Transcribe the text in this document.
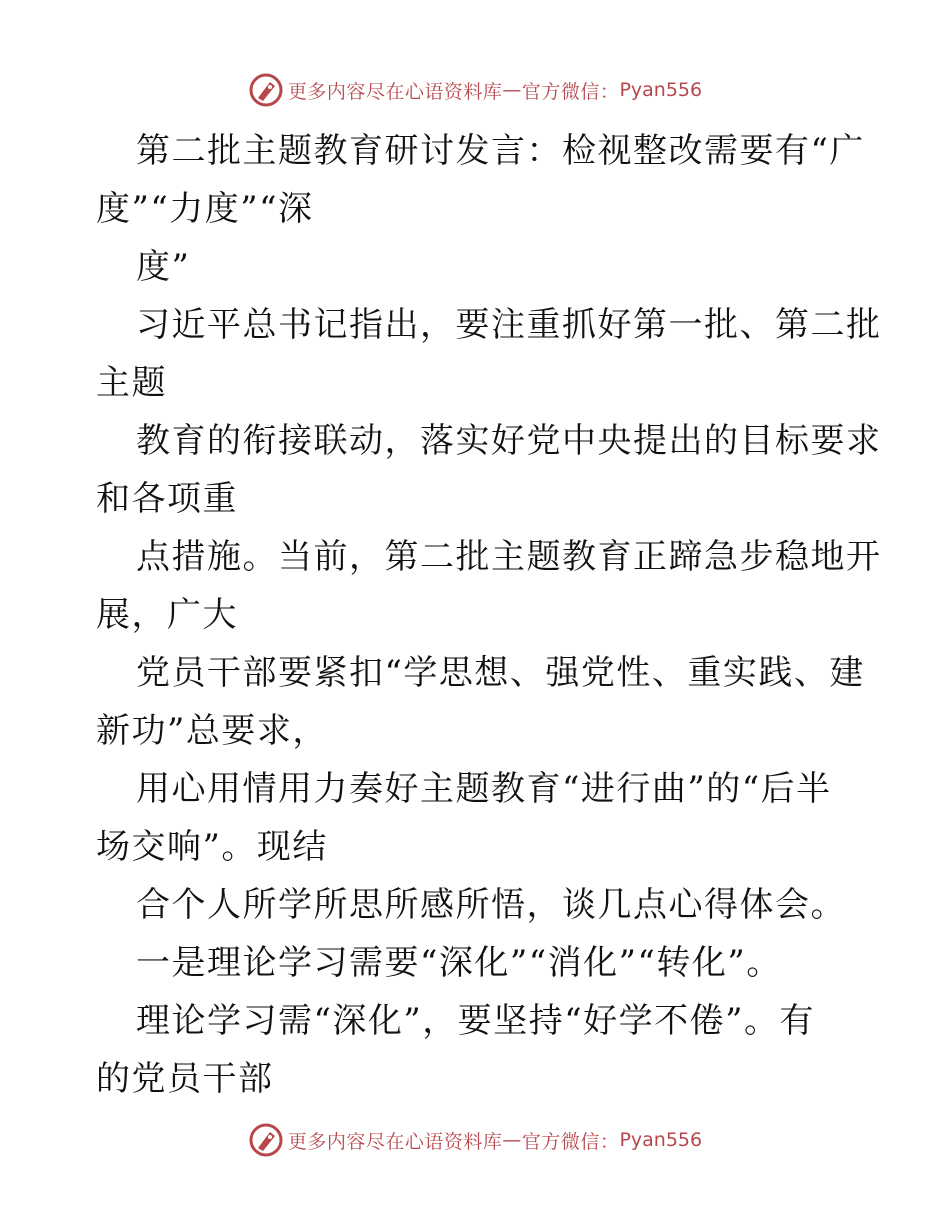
更多内容尽在心语资料库 — 官方微信： Pyan556

第二批主题教育研讨发言：检视整改需要有“广

度”“力度”“深

度”

习近平总书记指出，要注重抓好第一批、第二批

主题

教育的衔接联动，落实好党中央提出的目标要求

和各项重

点措施。当前，第二批主题教育正蹄急步稳地开

展，广大

党员干部要紧扣“学思想、强党性、重实践、建

新功”总要求，

用心用情用力奏好主题教育“进行曲”的“后半

场交响”。现结

合个人所学所思所感所悟，谈几点心得体会。

一是理论学习需要“深化”“消化”“转化”。

理论学习需“深化”，要坚持“好学不倦”。有

的党员干部

更多内容尽在心语资料库 — 官方微信： Pyan556
